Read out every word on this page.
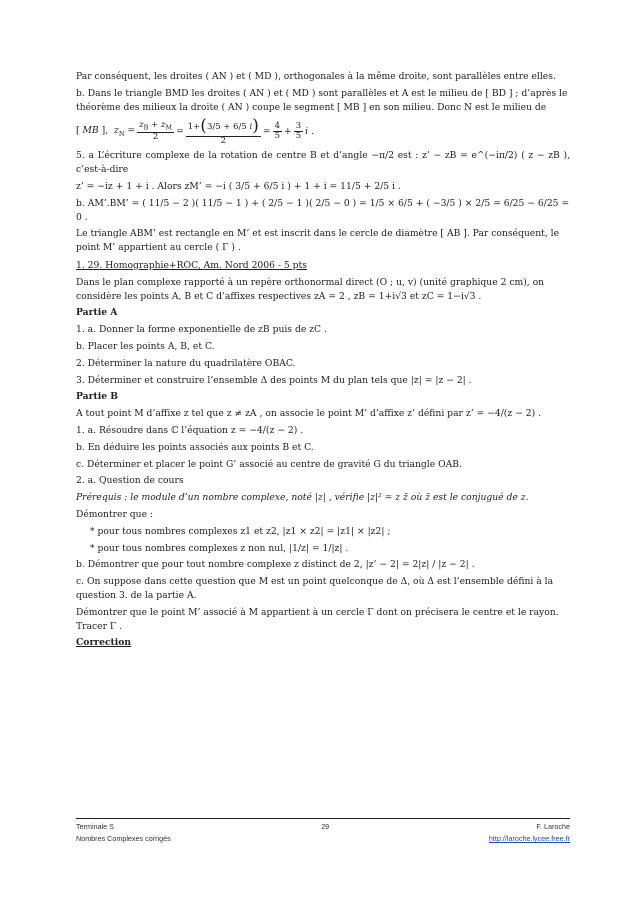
Par conséquent, les droites ( AN ) et ( MD ), orthogonales à la même droite, sont parallèles entre elles.

b. Dans le triangle BMD les droites ( AN ) et ( MD ) sont parallèles et A est le milieu de [ BD ] ; d’après le
théorème des milieux la droite ( AN ) coupe le segment [ MB ] en son milieu. Donc N est le milieu de

[ MB ],  $z_N = \frac{z_B + z_M}{2} = \frac{1+(3/5 + 6/5 i)}{2} = \frac{4}{5} + \frac{3}{5}$ i .

5. a L’écriture complexe de la rotation de centre B et d’angle −π/2 est : z’ − zB = e^(−iπ/2) ( z − zB ), c’est-à-dire

z’ = −iz + 1 + i . Alors zM’ = −i ( 3/5 + 6/5 i ) + 1 + i = 11/5 + 2/5 i .

b. AM’.BM’ = ( 11/5 − 2 )( 11/5 − 1 ) + ( 2/5 − 1 )( 2/5 − 0 ) = 1/5 × 6/5 + ( −3/5 ) × 2/5 = 6/25 − 6/25 = 0 .

Le triangle ABM’ est rectangle en M’ et est inscrit dans le cercle de diamètre [ AB ]. Par conséquent, le
point M’ appartient au cercle ( Γ ) .

1. 29. Homographie+ROC, Am. Nord 2006 - 5 pts

Dans le plan complexe rapporté à un repère orthonormal direct (O ; u, v) (unité graphique 2 cm), on
considère les points A, B et C d’affixes respectives zA = 2 , zB = 1+i√3 et zC = 1−i√3 .

Partie A

1. a. Donner la forme exponentielle de zB puis de zC .

b. Placer les points A, B, et C.

2. Déterminer la nature du quadrilatère OBAC.

3. Déterminer et construire l’ensemble Δ des points M du plan tels que |z| = |z − 2| .

Partie B

A tout point M d’affixe z tel que z ≠ zA , on associe le point M’ d’affixe z’ défini par z’ = −4/(z − 2) .

1. a. Résoudre dans ℂ l’équation z = −4/(z − 2) .

b. En déduire les points associés aux points B et C.

c. Déterminer et placer le point G’ associé au centre de gravité G du triangle OAB.

2. a. Question de cours

Prérequis : le module d’un nombre complexe, noté |z| , vérifie |z|² = z z̄ où z̄ est le conjugué de z.

Démontrer que :

* pour tous nombres complexes z1 et z2, |z1 × z2| = |z1| × |z2| ;

* pour tous nombres complexes z non nul, |1/z| = 1/|z| .

b. Démontrer que pour tout nombre complexe z distinct de 2, |z’ − 2| = 2|z| / |z − 2| .

c. On suppose dans cette question que M est un point quelconque de Δ, où Δ est l’ensemble défini à la
question 3. de la partie A.

Démontrer que le point M’ associé à M appartient à un cercle Γ dont on précisera le centre et le rayon.
Tracer Γ .

Correction

Terminale S	29	F. Laroche
Nombres Complexes corrigés	http://laroche.lycee.free.fr
